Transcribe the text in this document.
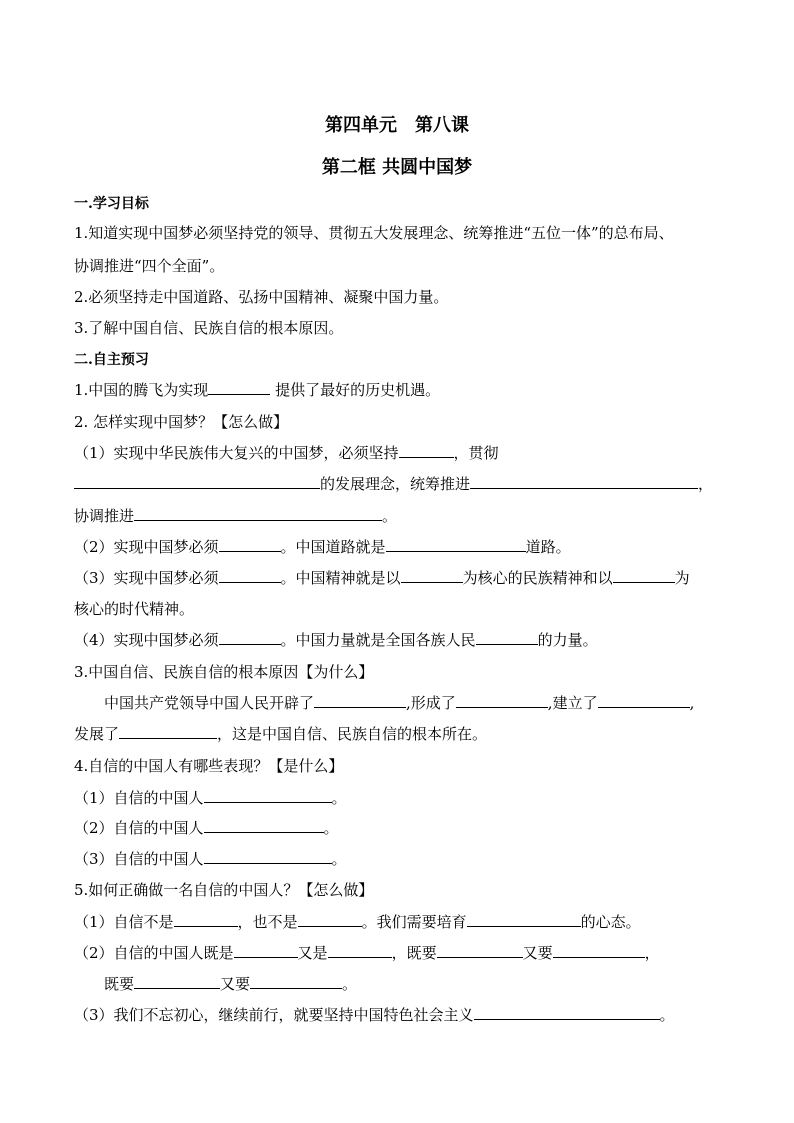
第四单元　第八课
第二框 共圆中国梦
一.学习目标
1.知道实现中国梦必须坚持党的领导、贯彻五大发展理念、统筹推进“五位一体”的总布局、
协调推进“四个全面”。
2.必须坚持走中国道路、弘扬中国精神、凝聚中国力量。
3.了解中国自信、民族自信的根本原因。
二.自主预习
1.中国的腾飞为实现	提供了最好的历史机遇。
2. 怎样实现中国梦？【怎么做】
（1）实现中华民族伟大复兴的中国梦，必须坚持	，贯彻
的发展理念，统筹推进	，
协调推进	。
（2）实现中国梦必须	。中国道路就是	道路。
（3）实现中国梦必须	。中国精神就是以	为核心的民族精神和以	为
核心的时代精神。
（4）实现中国梦必须	。中国力量就是全国各族人民	的力量。
3.中国自信、民族自信的根本原因【为什么】
中国共产党领导中国人民开辟了	,形成了	,建立了	,
发展了	，这是中国自信、民族自信的根本所在。
4.自信的中国人有哪些表现？【是什么】
（1）自信的中国人	。
（2）自信的中国人	。
（3）自信的中国人	。
5.如何正确做一名自信的中国人？【怎么做】
（1）自信不是	，也不是	。我们需要培育	的心态。
（2）自信的中国人既是	又是	，既要	又要	，
既要	又要	。
（3）我们不忘初心，继续前行，就要坚持中国特色社会主义	。
